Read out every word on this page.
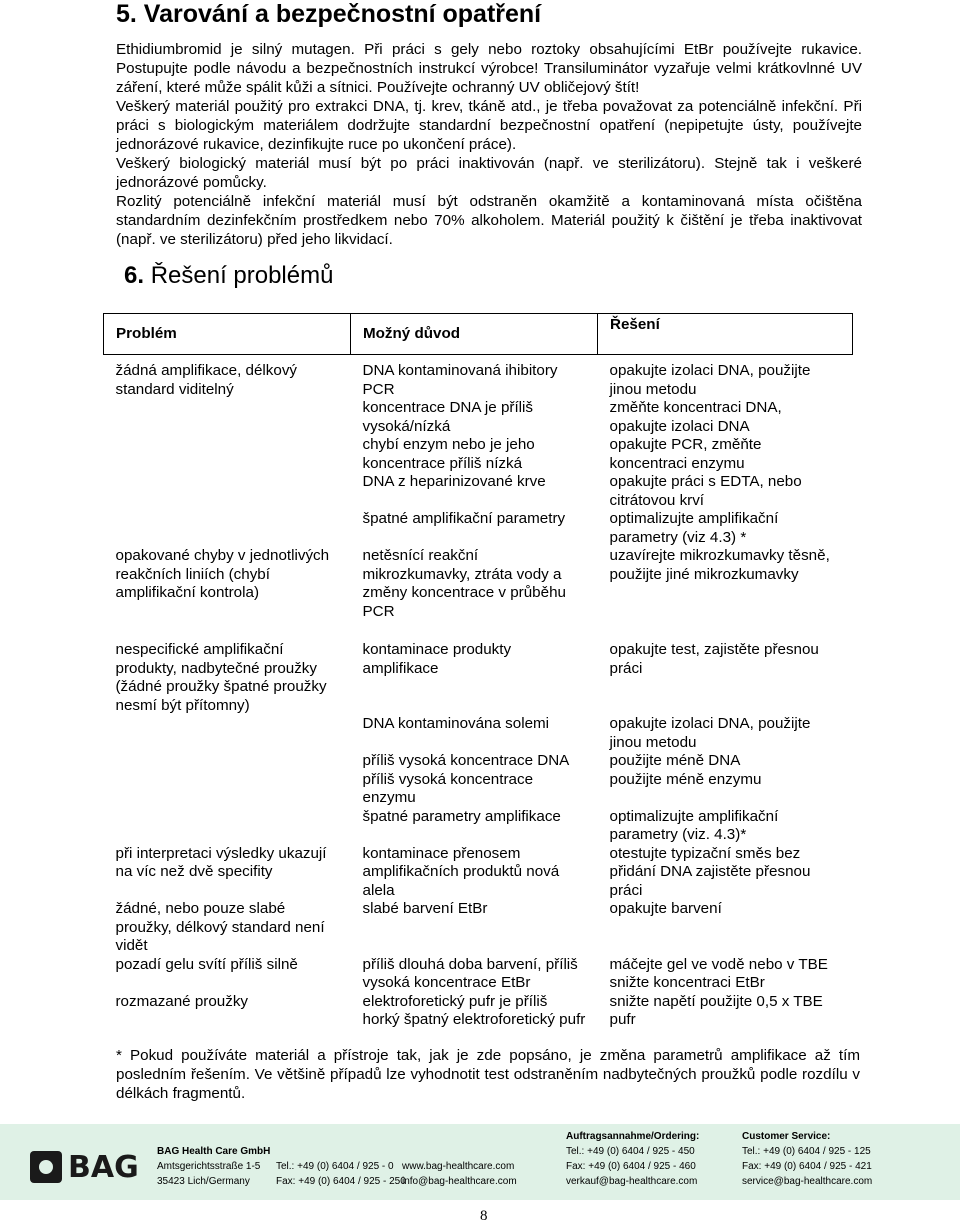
5. Varování a bezpečnostní opatření

Ethidiumbromid je silný mutagen. Při práci s gely nebo roztoky obsahujícími EtBr používejte rukavice. Postupujte podle návodu a bezpečnostních instrukcí výrobce! Transiluminátor vyzařuje velmi krátkovlnné UV záření, které může spálit kůži a sítnici. Používejte ochranný UV obličejový štít!

Veškerý materiál použitý pro extrakci DNA, tj. krev, tkáně atd., je třeba považovat za potenciálně infekční. Při práci s biologickým materiálem dodržujte standardní bezpečnostní opatření (nepipetujte ústy, používejte jednorázové rukavice, dezinfikujte ruce po ukončení práce).

Veškerý biologický materiál musí být po práci inaktivován (např. ve sterilizátoru). Stejně tak i veškeré jednorázové pomůcky.

Rozlitý potenciálně infekční materiál musí být odstraněn okamžitě a kontaminovaná místa očištěna standardním dezinfekčním prostředkem nebo 70% alkoholem. Materiál použitý k čištění je třeba inaktivovat (např. ve sterilizátoru) před jeho likvidací.

6. Řešení problémů
Problém	Možný důvod	Řešení
žádná amplifikace, délkový standard viditelný	DNA kontaminovaná ihibitory PCR	opakujte izolaci DNA, použijte jinou metodu
	koncentrace DNA je příliš vysoká/nízká	změňte koncentraci DNA, opakujte izolaci DNA
	chybí enzym nebo je jeho koncentrace příliš nízká	opakujte PCR, změňte koncentraci enzymu
	DNA z heparinizované krve	opakujte práci s EDTA, nebo citrátovou krví
	špatné amplifikační parametry	optimalizujte amplifikační parametry (viz 4.3) *
opakované chyby v jednotlivých reakčních liniích (chybí amplifikační kontrola)	netěsnící reakční mikrozkumavky, ztráta vody a změny koncentrace v průběhu PCR	uzavírejte mikrozkumavky těsně, použijte jiné mikrozkumavky
nespecifické amplifikační produkty, nadbytečné proužky (žádné proužky špatné proužky nesmí být přítomny)	kontaminace produkty amplifikace	opakujte test, zajistěte přesnou práci
	DNA kontaminována solemi	opakujte izolaci DNA, použijte jinou metodu
	příliš vysoká koncentrace DNA	použijte méně DNA
	příliš vysoká koncentrace enzymu	použijte méně enzymu
	špatné parametry amplifikace	optimalizujte amplifikační parametry (viz. 4.3)*
při interpretaci výsledky ukazují na víc než dvě specifity	kontaminace přenosem amplifikačních produktů nová alela	otestujte typizační směs bez přidání DNA zajistěte přesnou práci
žádné, nebo pouze slabé proužky, délkový standard není vidět	slabé barvení EtBr	opakujte barvení
pozadí gelu svítí příliš silně	příliš dlouhá doba barvení, příliš vysoká koncentrace EtBr	máčejte gel ve vodě nebo v TBE snižte koncentraci EtBr
rozmazané proužky	elektroforetický pufr je příliš horký špatný elektroforetický pufr	snižte napětí použijte 0,5 x TBE pufr

* Pokud používáte materiál a přístroje tak, jak je zde popsáno, je změna parametrů amplifikace až tím posledním řešením. Ve většině případů lze vyhodnotit test odstraněním nadbytečných proužků podle rozdílu v délkách fragmentů.

BAG BAG Health Care GmbH
Amtsgerichtsstraße 1-5
35423 Lich/Germany
Tel.: +49 (0) 6404 / 925 - 0
Fax: +49 (0) 6404 / 925 - 250
www.bag-healthcare.com
info@bag-healthcare.com
Auftragsannahme/Ordering:
Tel.: +49 (0) 6404 / 925 - 450
Fax: +49 (0) 6404 / 925 - 460
verkauf@bag-healthcare.com
Customer Service:
Tel.: +49 (0) 6404 / 925 - 125
Fax: +49 (0) 6404 / 925 - 421
service@bag-healthcare.com
8
